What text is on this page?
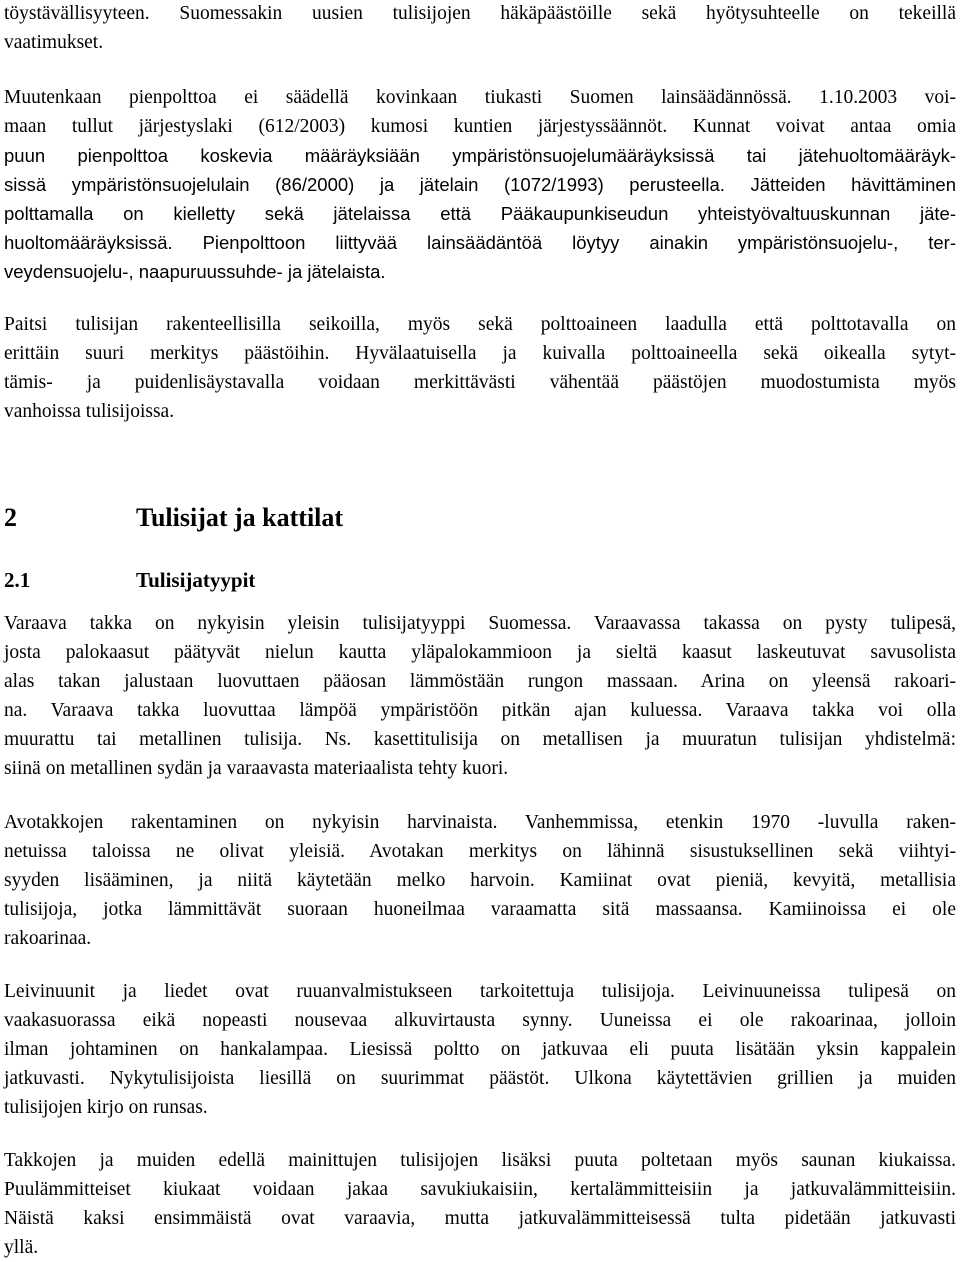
töystävällisyyteen. Suomessakin uusien tulisijojen häkäpäästöille sekä hyötysuhteelle on tekeillä
vaatimukset.
Muutenkaan pienpolttoa ei säädellä kovinkaan tiukasti Suomen lainsäädännössä. 1.10.2003 voi-
maan tullut järjestyslaki (612/2003) kumosi kuntien järjestyssäännöt. Kunnat voivat antaa omia
puun pienpolttoa koskevia määräyksiään ympäristönsuojelumääräyksissä tai jätehuoltomääräyk-
sissä ympäristönsuojelulain (86/2000) ja jätelain (1072/1993) perusteella. Jätteiden hävittäminen
polttamalla on kielletty sekä jätelaissa että Pääkaupunkiseudun yhteistyövaltuuskunnan jäte-
huoltomääräyksissä. Pienpolttoon liittyvää lainsäädäntöä löytyy ainakin ympäristönsuojelu-, ter-
veydensuojelu-, naapuruussuhde- ja jätelaista.
Paitsi tulisijan rakenteellisilla seikoilla, myös sekä polttoaineen laadulla että polttotavalla on
erittäin suuri merkitys päästöihin. Hyvälaatuisella ja kuivalla polttoaineella sekä oikealla sytyt-
tämis- ja puidenlisäystavalla voidaan merkittävästi vähentää päästöjen muodostumista myös
vanhoissa tulisijoissa.
2	Tulisijat ja kattilat
2.1	Tulisijatyypit
Varaava takka on nykyisin yleisin tulisijatyyppi Suomessa. Varaavassa takassa on pysty tulipesä,
josta palokaasut päätyvät nielun kautta yläpalokammioon ja sieltä kaasut laskeutuvat savusolista
alas takan jalustaan luovuttaen pääosan lämmöstään rungon massaan. Arina on yleensä rakoari-
na. Varaava takka luovuttaa lämpöä ympäristöön pitkän ajan kuluessa. Varaava takka voi olla
muurattu tai metallinen tulisija. Ns. kasettitulisija on metallisen ja muuratun tulisijan yhdistelmä:
siinä on metallinen sydän ja varaavasta materiaalista tehty kuori.
Avotakkojen rakentaminen on nykyisin harvinaista. Vanhemmissa, etenkin 1970 -luvulla raken-
netuissa taloissa ne olivat yleisiä. Avotakan merkitys on lähinnä sisustuksellinen sekä viihtyi-
syyden lisääminen, ja niitä käytetään melko harvoin. Kamiinat ovat pieniä, kevyitä, metallisia
tulisijoja, jotka lämmittävät suoraan huoneilmaa varaamatta sitä massaansa. Kamiinoissa ei ole
rakoarinaa.
Leivinuunit ja liedet ovat ruuanvalmistukseen tarkoitettuja tulisijoja. Leivinuuneissa tulipesä on
vaakasuorassa eikä nopeasti nousevaa alkuvirtausta synny. Uuneissa ei ole rakoarinaa, jolloin
ilman johtaminen on hankalampaa. Liesissä poltto on jatkuvaa eli puuta lisätään yksin kappalein
jatkuvasti. Nykytulisijoista liesillä on suurimmat päästöt. Ulkona käytettävien grillien ja muiden
tulisijojen kirjo on runsas.
Takkojen ja muiden edellä mainittujen tulisijojen lisäksi puuta poltetaan myös saunan kiukaissa.
Puulämmitteiset kiukaat voidaan jakaa savukiukaisiin, kertalämmitteisiin ja jatkuvalämmitteisiin.
Näistä kaksi ensimmäistä ovat varaavia, mutta jatkuvalämmitteisessä tulta pidetään jatkuvasti
yllä.
